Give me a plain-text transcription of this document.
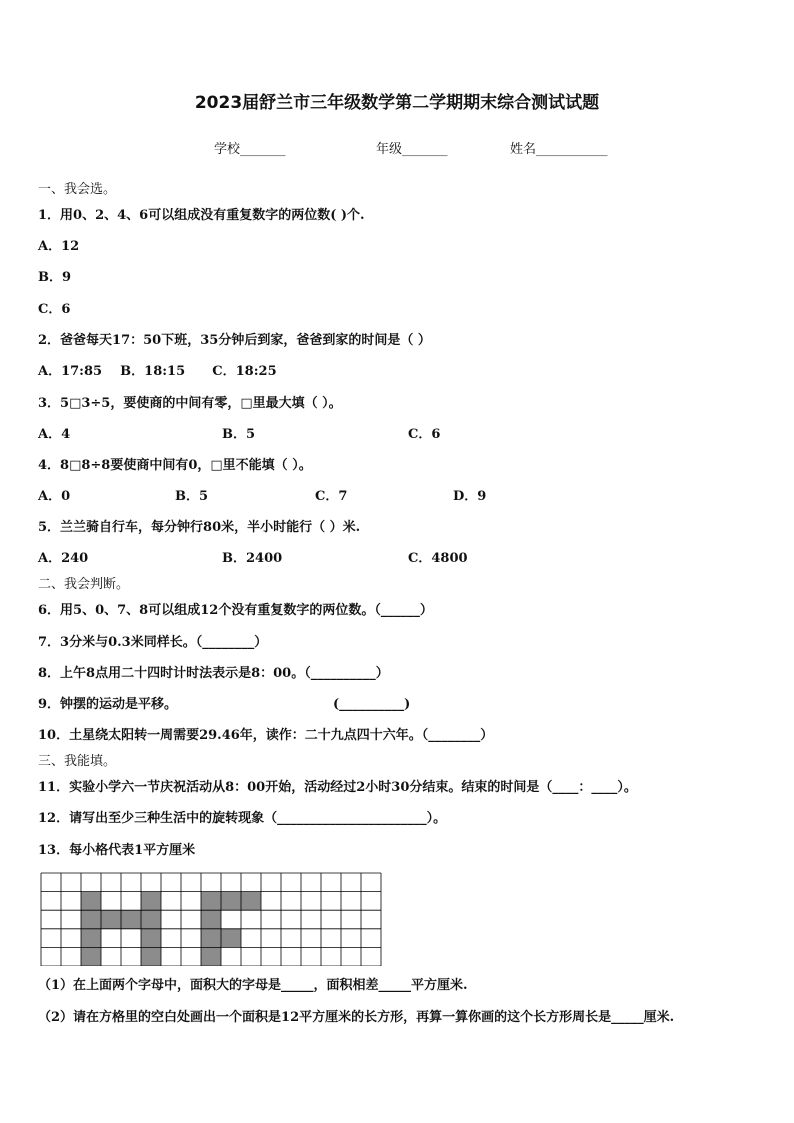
2023届舒兰市三年级数学第二学期期末综合测试试题
学校_______	年级_______	姓名___________
一、我会选。
1．用0、2、4、6可以组成没有重复数字的两位数( )个.
A．12
B．9
C．6
2．爸爸每天17：50下班，35分钟后到家，爸爸到家的时间是（ ）
A．17:85    B．18:15      C．18:25
3．5□3÷5，要使商的中间有零，□里最大填（ ）。
A．4	B．5	C．6
4．8□8÷8要使商中间有0，□里不能填（ ）。
A．0	B．5	C．7	D．9
5．兰兰骑自行车，每分钟行80米，半小时能行（ ）米.
A．240	B．2400	C．4800
二、我会判断。
6．用5、0、7、8可以组成12个没有重复数字的两位数。（______）
7．3分米与0.3米同样长。（________）
8．上午8点用二十四时计时法表示是8：00。（__________）
9．钟摆的运动是平移。	(__________)
10．土星绕太阳转一周需要29.46年，读作：二十九点四十六年。（________）
三、我能填。
11．实验小学六一节庆祝活动从8：00开始，活动经过2小时30分结束。结束的时间是（____：____）。
12．请写出至少三种生活中的旋转现象（_______________________）。
13．每小格代表1平方厘米
（1）在上面两个字母中，面积大的字母是_____，面积相差_____平方厘米.
（2）请在方格里的空白处画出一个面积是12平方厘米的长方形，再算一算你画的这个长方形周长是_____厘米.
